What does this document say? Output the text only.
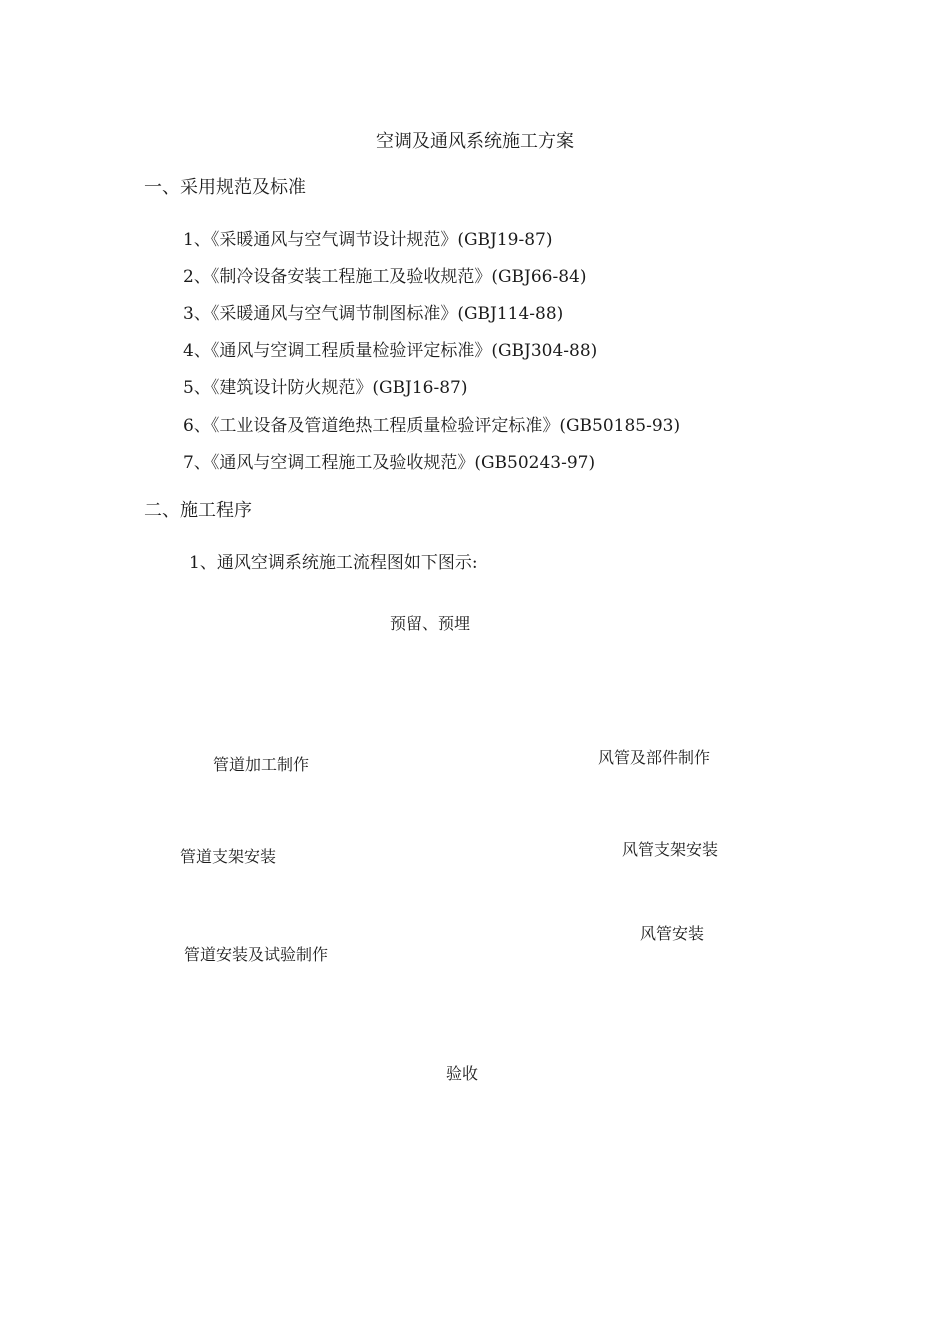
空调及通风系统施工方案
一、采用规范及标准
1、《采暖通风与空气调节设计规范》(GBJ19-87)
2、《制冷设备安装工程施工及验收规范》(GBJ66-84)
3、《采暖通风与空气调节制图标准》(GBJ114-88)
4、《通风与空调工程质量检验评定标准》(GBJ304-88)
5、《建筑设计防火规范》(GBJ16-87)
6、《工业设备及管道绝热工程质量检验评定标准》(GB50185-93)
7、《通风与空调工程施工及验收规范》(GB50243-97)
二、施工程序
1、通风空调系统施工流程图如下图示:
预留、预埋
管道加工制作
管道支架安装
管道安装及试验制作
风管及部件制作
风管支架安装
风管安装
验收
